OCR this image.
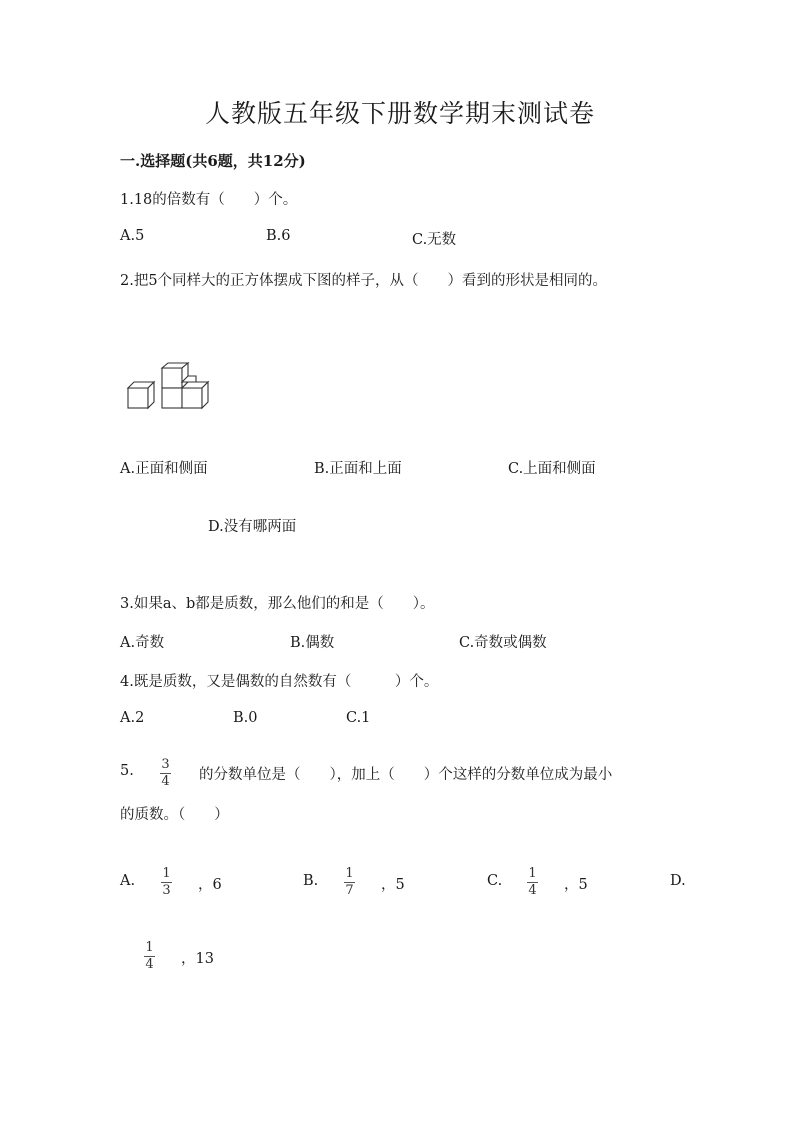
人教版五年级下册数学期末测试卷
一.选择题(共6题，共12分)
1.18的倍数有（　　）个。
A.5	B.6	C.无数
2.把5个同样大的正方体摆成下图的样子，从（　　）看到的形状是相同的。
A.正面和侧面	B.正面和上面	C.上面和侧面
D.没有哪两面
3.如果a、b都是质数，那么他们的和是（　　）。
A.奇数	B.偶数	C.奇数或偶数
4.既是质数，又是偶数的自然数有（　　　）个。
A.2	B.0	C.1
5. 3
4 的分数单位是（　　），加上（　　）个这样的分数单位成为最小
的质数。（　　）
A. 1
3 ，6	B. 1
7 ，5	C. 1
4 ，5	D.
1
4 ，13
